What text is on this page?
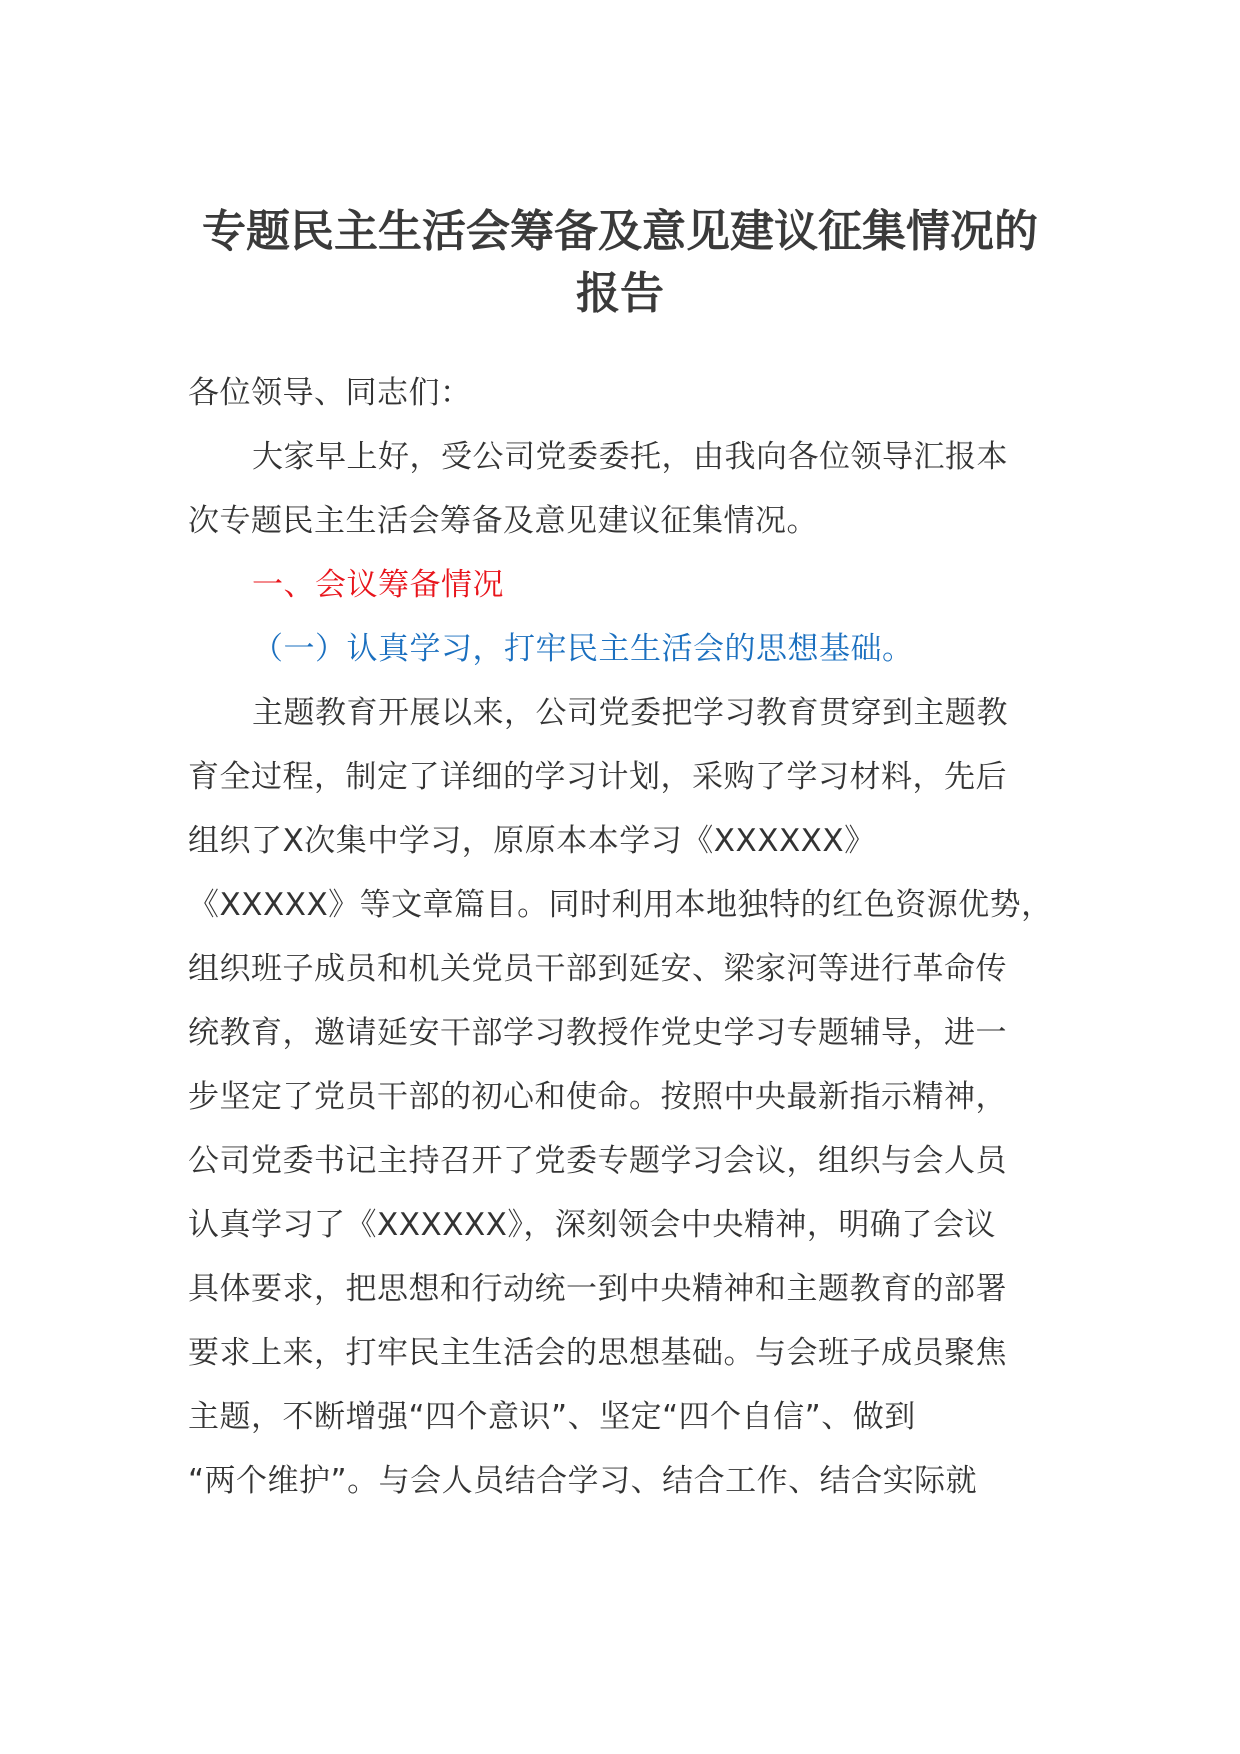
专题民主生活会筹备及意见建议征集情况的
报告

各位领导、同志们：

大家早上好，受公司党委委托，由我向各位领导汇报本

次专题民主生活会筹备及意见建议征集情况。

一、会议筹备情况

（一）认真学习，打牢民主生活会的思想基础。

主题教育开展以来，公司党委把学习教育贯穿到主题教

育全过程，制定了详细的学习计划，采购了学习材料，先后

组织了X次集中学习，原原本本学习《XXXXXX》

《XXXXX》等文章篇目。同时利用本地独特的红色资源优势，

组织班子成员和机关党员干部到延安、梁家河等进行革命传

统教育，邀请延安干部学习教授作党史学习专题辅导，进一

步坚定了党员干部的初心和使命。按照中央最新指示精神，

公司党委书记主持召开了党委专题学习会议，组织与会人员

认真学习了《XXXXXX》，深刻领会中央精神，明确了会议

具体要求，把思想和行动统一到中央精神和主题教育的部署

要求上来，打牢民主生活会的思想基础。与会班子成员聚焦

主题，不断增强“四个意识”、坚定“四个自信”、做到

“两个维护”。与会人员结合学习、结合工作、结合实际就
